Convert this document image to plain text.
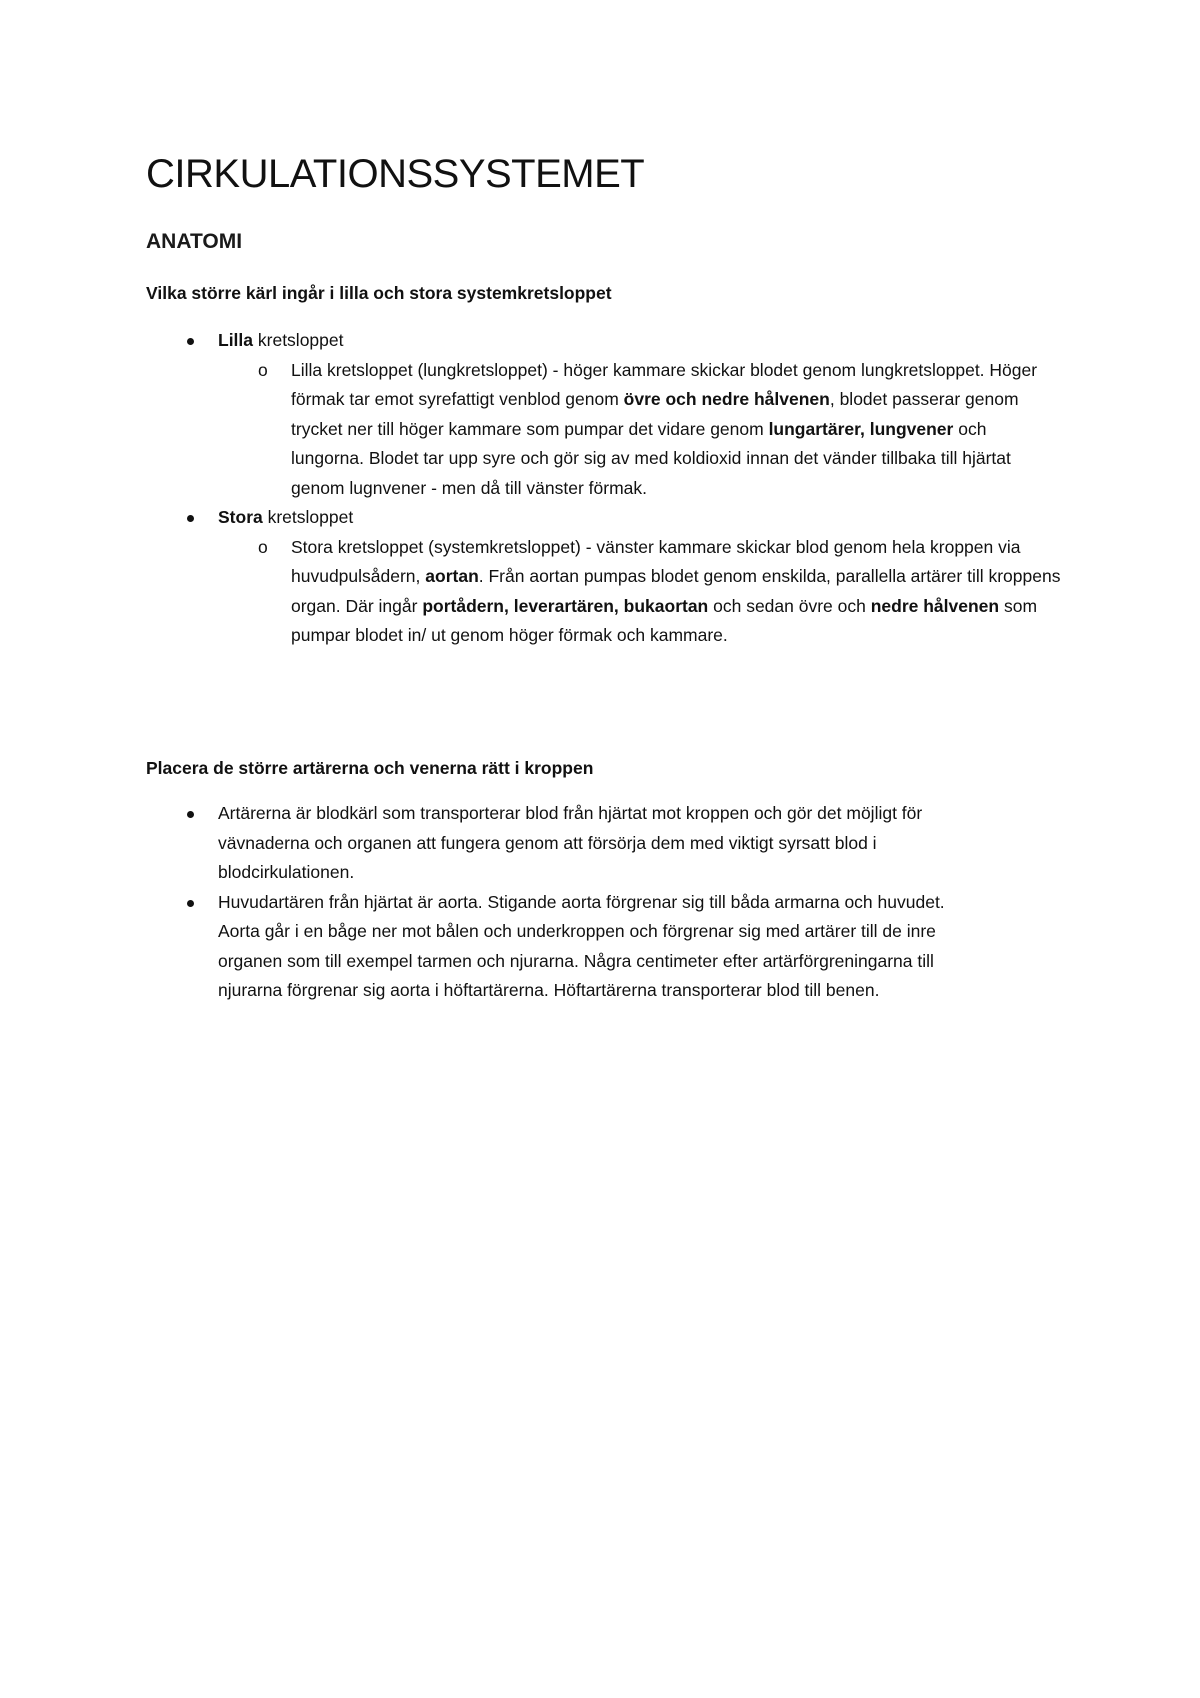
CIRKULATIONSSYSTEMET
ANATOMI
Vilka större kärl ingår i lilla och stora systemkretsloppet
Lilla kretsloppet
o Lilla kretsloppet (lungkretsloppet) - höger kammare skickar blodet genom lungkretsloppet. Höger förmak tar emot syrefattigt venblod genom övre och nedre hålvenen, blodet passerar genom trycket ner till höger kammare som pumpar det vidare genom lungartärer, lungvener och lungorna. Blodet tar upp syre och gör sig av med koldioxid innan det vänder tillbaka till hjärtat genom lugnvener - men då till vänster förmak.
Stora kretsloppet
o Stora kretsloppet (systemkretsloppet) - vänster kammare skickar blod genom hela kroppen via huvudpulsådern, aortan. Från aortan pumpas blodet genom enskilda, parallella artärer till kroppens organ. Där ingår portådern, leverartären, bukaortan och sedan övre och nedre hålvenen som pumpar blodet in/ ut genom höger förmak och kammare.
Placera de större artärerna och venerna rätt i kroppen
Artärerna är blodkärl som transporterar blod från hjärtat mot kroppen och gör det möjligt för vävnaderna och organen att fungera genom att försörja dem med viktigt syrsatt blod i blodcirkulationen.
Huvudartären från hjärtat är aorta. Stigande aorta förgrenar sig till båda armarna och huvudet. Aorta går i en båge ner mot bålen och underkroppen och förgrenar sig med artärer till de inre organen som till exempel tarmen och njurarna. Några centimeter efter artärförgreningarna till njurarna förgrenar sig aorta i höftartärerna. Höftartärerna transporterar blod till benen.
